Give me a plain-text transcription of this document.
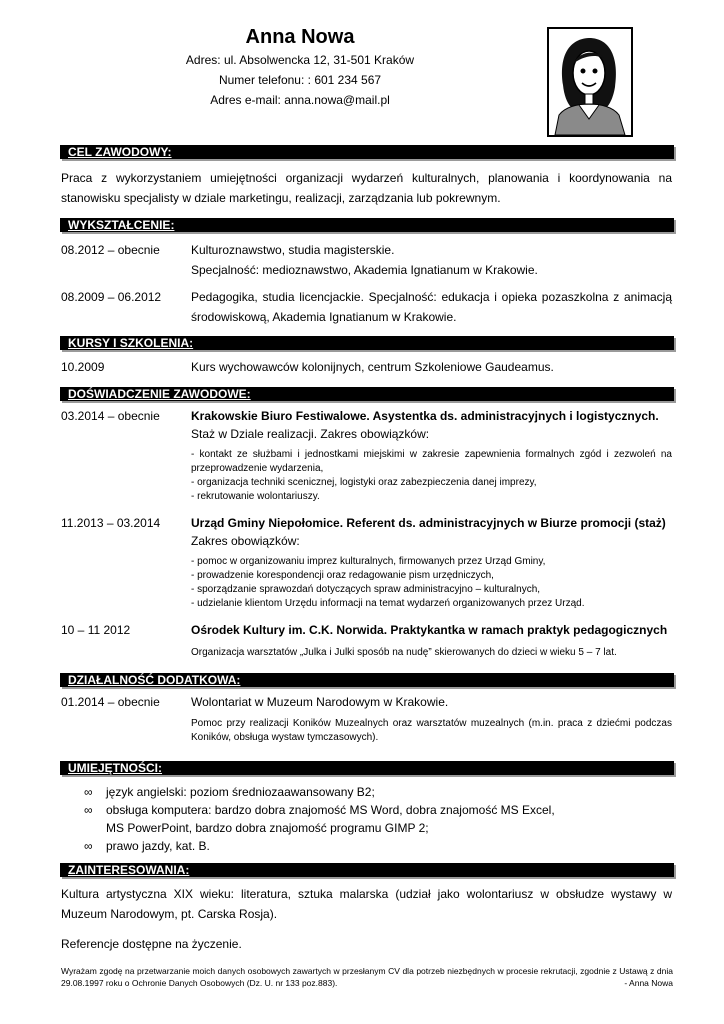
Anna Nowa
Adres: ul. Absolwencka 12, 31-501 Kraków
Numer telefonu: : 601 234 567
Adres e-mail: anna.nowa@mail.pl
CEL ZAWODOWY:
Praca z wykorzystaniem umiejętności organizacji wydarzeń kulturalnych, planowania i koordynowania na stanowisku specjalisty w dziale marketingu, realizacji, zarządzania lub pokrewnym.
WYKSZTAŁCENIE:
08.2012 – obecnie	Kulturoznawstwo, studia magisterskie.
Specjalność: medioznawstwo, Akademia Ignatianum w Krakowie.
08.2009 – 06.2012 Pedagogika, studia licencjackie. Specjalność: edukacja i opieka pozaszkolna z animacją środowiskową, Akademia Ignatianum w Krakowie.
KURSY I SZKOLENIA:
10.2009	Kurs wychowawców kolonijnych, centrum Szkoleniowe Gaudeamus.
DOŚWIADCZENIE ZAWODOWE:
03.2014 – obecnie	Krakowskie Biuro Festiwalowe. Asystentka ds. administracyjnych i logistycznych.
Staż w Dziale realizacji. Zakres obowiązków:
- kontakt ze służbami i jednostkami miejskimi w zakresie zapewnienia formalnych zgód i zezwoleń na przeprowadzenie wydarzenia,
- organizacja techniki scenicznej, logistyki oraz zabezpieczenia danej imprezy,
- rekrutowanie wolontariuszy.
11.2013 – 03.2014	Urząd Gminy Niepołomice. Referent ds. administracyjnych w Biurze promocji (staż)
Zakres obowiązków:
- pomoc w organizowaniu imprez kulturalnych, firmowanych przez Urząd Gminy,
- prowadzenie korespondencji oraz redagowanie pism urzędniczych,
- sporządzanie sprawozdań dotyczących spraw administracyjno – kulturalnych,
- udzielanie klientom Urzędu informacji na temat wydarzeń organizowanych przez Urząd.
10 – 11 2012	Ośrodek Kultury im. C.K. Norwida. Praktykantka w ramach praktyk pedagogicznych
Organizacja warsztatów „Julka i Julki sposób na nudę” skierowanych do dzieci w wieku 5 – 7 lat.
DZIAŁALNOŚĆ DODATKOWA:
01.2014 – obecnie	Wolontariat w Muzeum Narodowym w Krakowie.
Pomoc przy realizacji Koników Muzealnych oraz warsztatów muzealnych (m.in. praca z dziećmi podczas Koników, obsługa wystaw tymczasowych).
UMIEJĘTNOŚCI:
∞ język angielski: poziom średniozaawansowany B2;
∞ obsługa komputera: bardzo dobra znajomość MS Word, dobra znajomość MS Excel,
MS PowerPoint, bardzo dobra znajomość programu GIMP 2;
∞ prawo jazdy, kat. B.
ZAINTERESOWANIA:
Kultura artystyczna XIX wieku: literatura, sztuka malarska (udział jako wolontariusz w obsłudze wystawy w Muzeum Narodowym, pt. Carska Rosja).
Referencje dostępne na życzenie.
Wyrażam zgodę na przetwarzanie moich danych osobowych zawartych w przesłanym CV dla potrzeb niezbędnych w procesie rekrutacji, zgodnie z Ustawą z dnia 29.08.1997 roku o Ochronie Danych Osobowych (Dz. U. nr 133 poz.883).	- Anna Nowa
